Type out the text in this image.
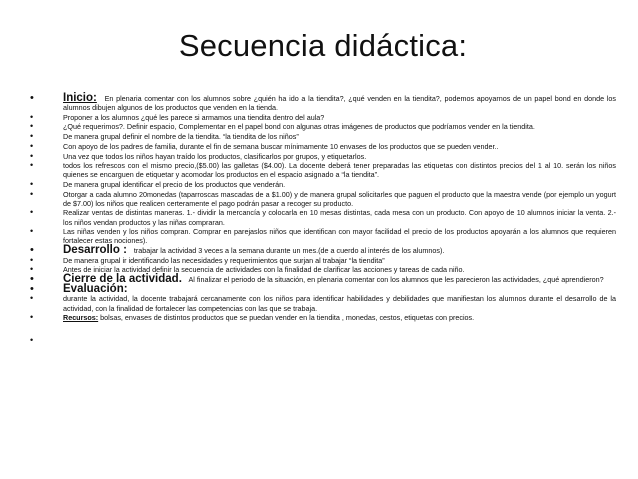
Secuencia didáctica:
•	Inicio: En plenaria comentar con los alumnos sobre ¿quién ha ido a la tiendita?, ¿qué venden en la tiendita?, podemos apoyarnos de un papel bond en donde los alumnos dibujen algunos de los productos que venden en la tienda.
•	Proponer a los alumnos ¿qué les parece si armamos una tiendita dentro del aula?
•	¿Qué requerimos?. Definir espacio, Complementar en el papel bond con algunas otras imágenes de productos que podríamos vender en la tiendita.
•	De manera grupal definir el nombre de la tiendita. “la tiendita de los niños”
•	Con apoyo de los padres de familia, durante el fin de semana buscar mínimamente 10 envases de los productos que se pueden vender..
•	Una vez que todos los niños hayan traído los productos, clasificarlos por grupos, y etiquetarlos.
•	todos los refrescos con el mismo precio,($5.00) las galletas ($4.00). La docente deberá tener preparadas las etiquetas con distintos precios del 1 al 10. serán los niños quienes se encarguen de etiquetar y acomodar los productos en el espacio asignado a “la tiendita”.
•	De manera grupal identificar el precio de los productos que venderán.
•	Otorgar a cada alumno 20monedas (taparroscas mascadas de a $1.00) y de manera grupal solicitarles que paguen el producto que la maestra vende (por ejemplo un yogurt de $7.00) los niños que realicen certeramente el pago podrán pasar a recoger su producto.
•	Realizar ventas de distintas maneras. 1.- dividir la mercancía y colocarla en 10 mesas distintas, cada mesa con un producto. Con apoyo de 10 alumnos iniciar la venta. 2.- los niños vendan productos y las niñas compraran.
•	Las niñas venden y los niños compran. Comprar en parejaslos niños que identifican con mayor facilidad el precio de los productos apoyarán a los alumnos que requieren fortalecer estas nociones).
•	Desarrollo : trabajar la actividad 3 veces a la semana durante un mes.(de a cuerdo al interés de los alumnos).
•	De manera grupal ir identificando las necesidades y requerimientos que surjan al trabajar “la tiendita”
•	Antes de iniciar la actividad definir la secuencia de actividades con la finalidad de clarificar las acciones y tareas de cada niño.
•	Cierre de la actividad. Al finalizar el periodo de la situación, en plenaria comentar con los alumnos que les parecieron las actividades, ¿qué aprendieron?
•	Evaluación:
•	durante la actividad, la docente trabajará cercanamente con los niños para identificar habilidades y debilidades que manifiestan los alumnos durante el desarrollo de la actividad, con la finalidad de fortalecer las competencias con las que se trabaja.
•	Recursos: bolsas, envases de distintos productos que se puedan vender en la tiendita , monedas, cestos, etiquetas con precios.
•
